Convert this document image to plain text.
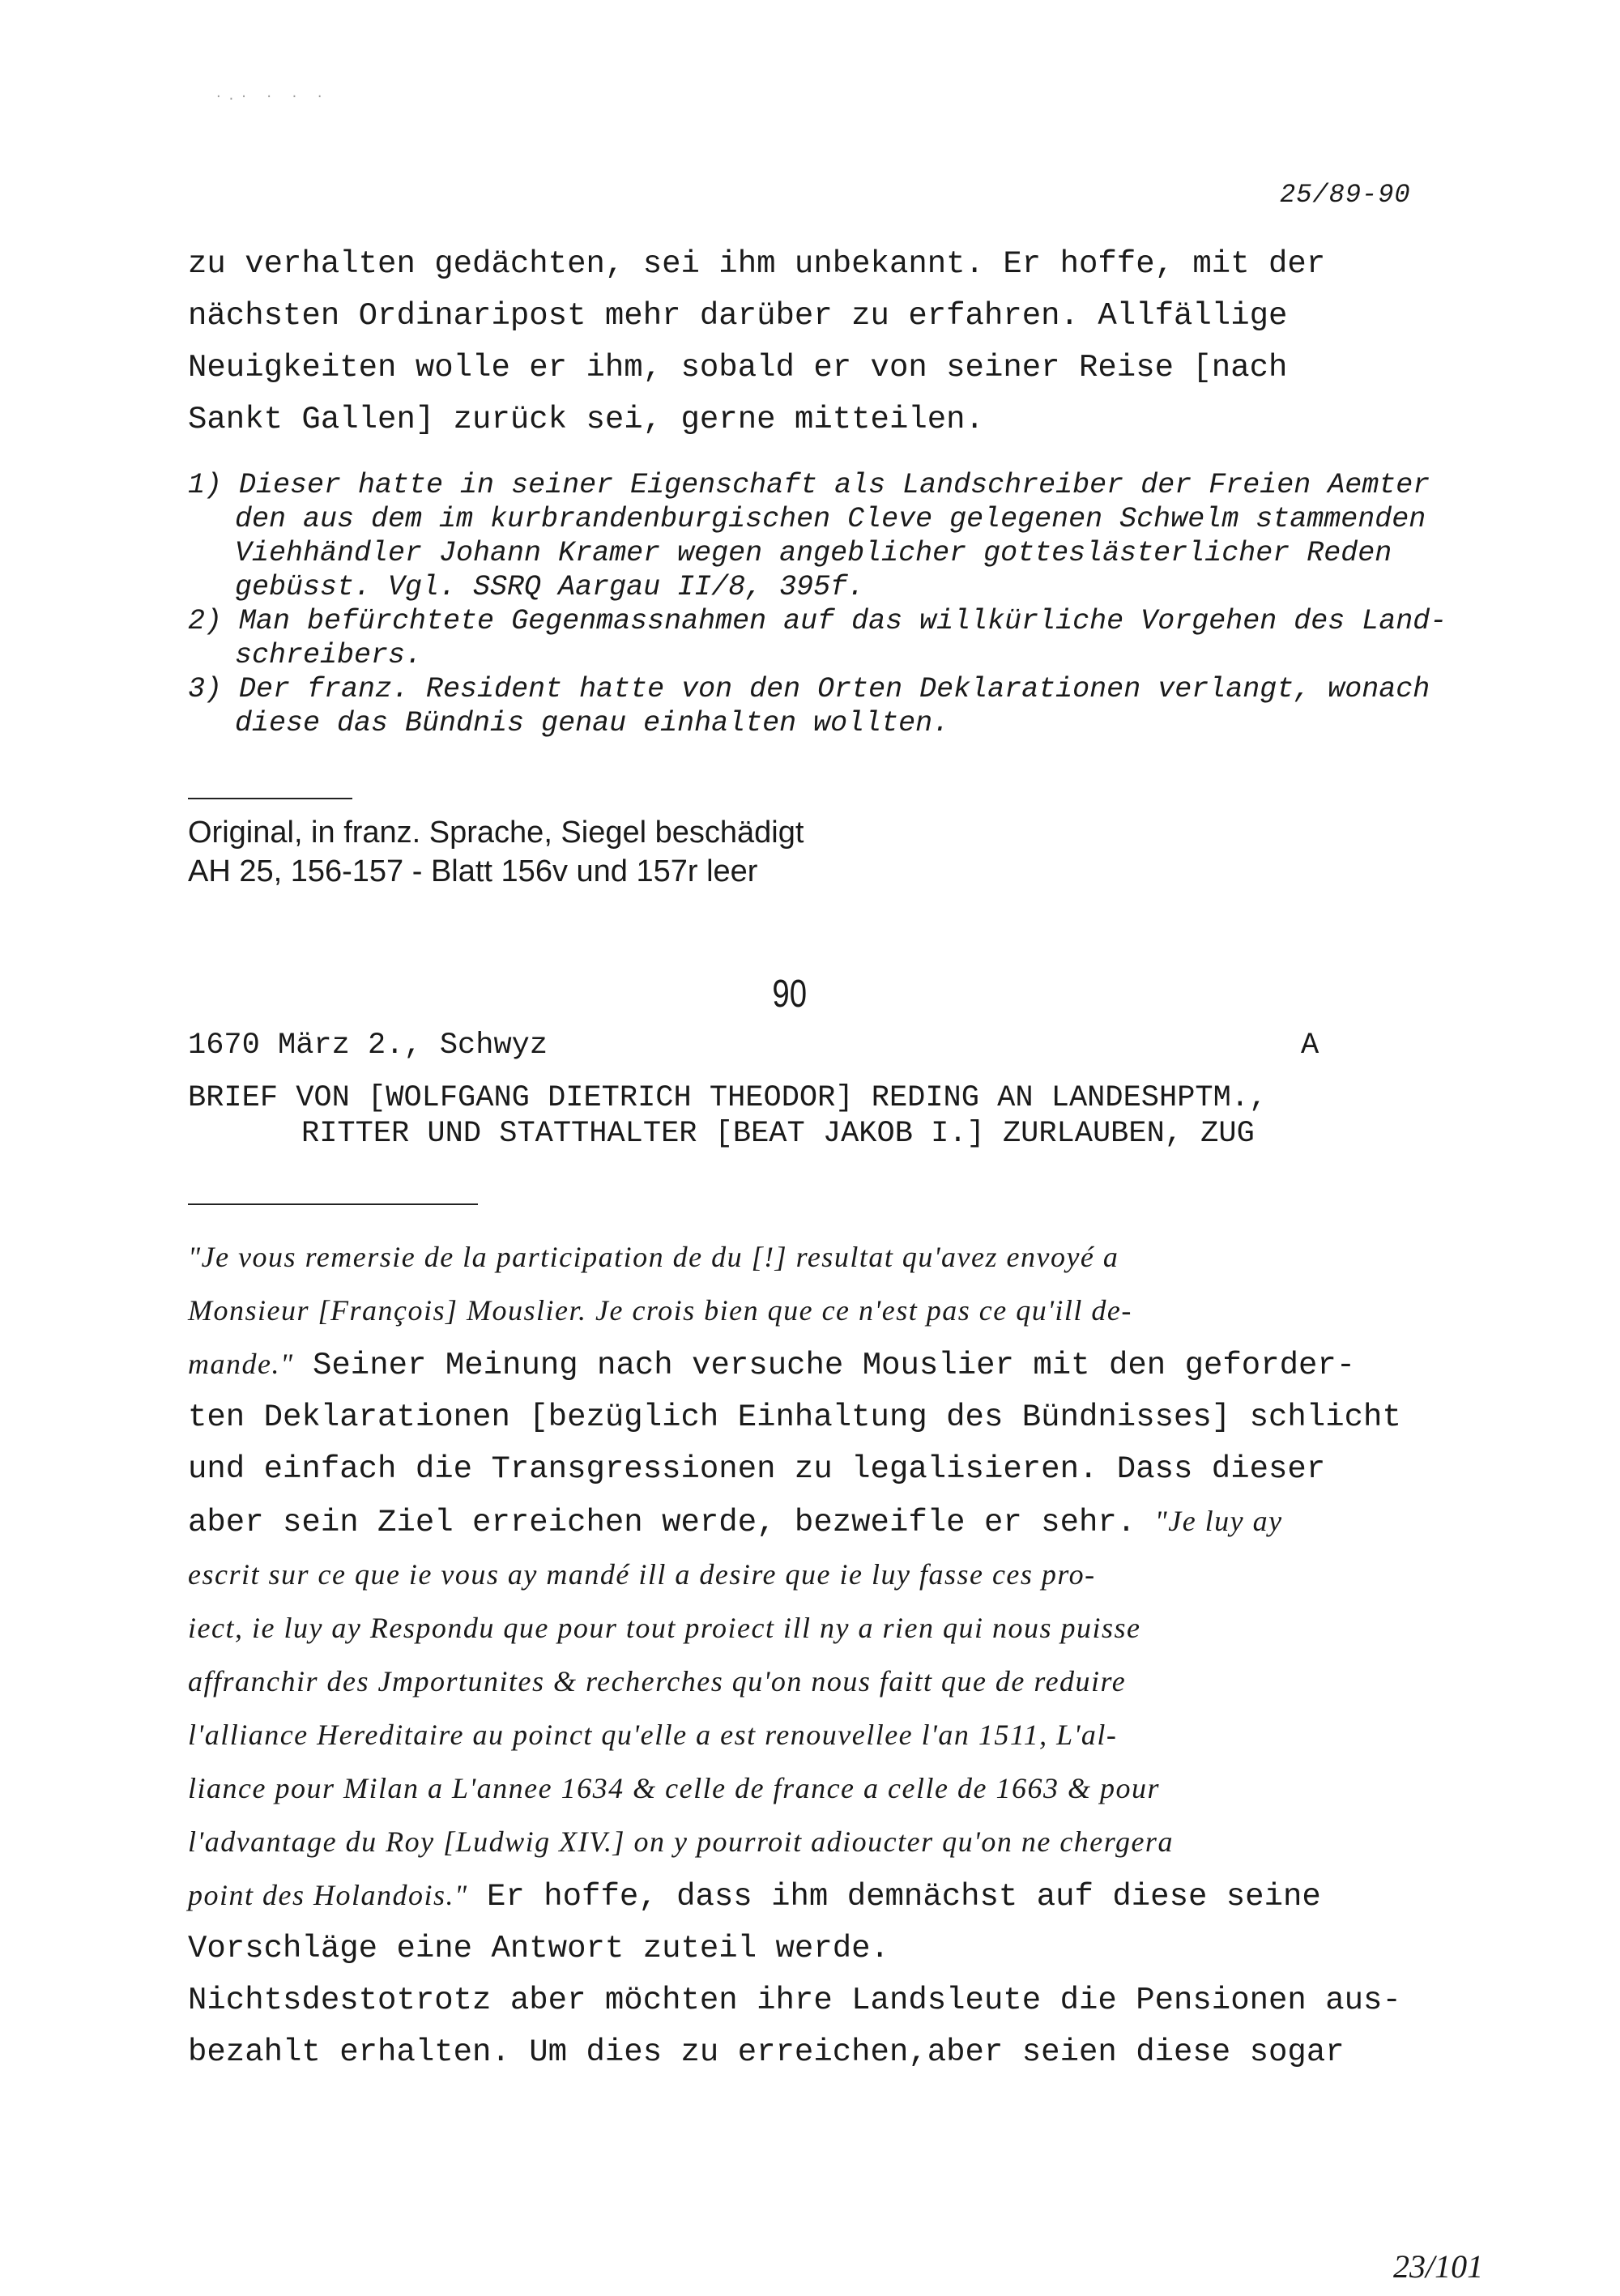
·.· · · ·
25/89-90
zu verhalten gedächten, sei ihm unbekannt. Er hoffe, mit der
nächsten Ordinaripost mehr darüber zu erfahren. Allfällige
Neuigkeiten wolle er ihm, sobald er von seiner Reise [nach
Sankt Gallen] zurück sei, gerne mitteilen.
1) Dieser hatte in seiner Eigenschaft als Landschreiber der Freien Aemter
den aus dem im kurbrandenburgischen Cleve gelegenen Schwelm stammenden
Viehhändler Johann Kramer wegen angeblicher gotteslästerlicher Reden
gebüsst. Vgl. SSRQ Aargau II/8, 395f.
2) Man befürchtete Gegenmassnahmen auf das willkürliche Vorgehen des Land-
schreibers.
3) Der franz. Resident hatte von den Orten Deklarationen verlangt, wonach
diese das Bündnis genau einhalten wollten.
Original, in franz. Sprache, Siegel beschädigt
AH 25, 156-157 - Blatt 156v und 157r leer
90
1670 März 2., Schwyz	A
BRIEF VON [WOLFGANG DIETRICH THEODOR] REDING AN LANDESHPTM.,
RITTER UND STATTHALTER [BEAT JAKOB I.] ZURLAUBEN, ZUG
"Je vous remersie de la participation de du [!] resultat qu'avez envoyé a
Monsieur [François] Mouslier. Je crois bien que ce n'est pas ce qu'ill de-
mande." Seiner Meinung nach versuche Mouslier mit den geforder-
ten Deklarationen [bezüglich Einhaltung des Bündnisses] schlicht
und einfach die Transgressionen zu legalisieren. Dass dieser
aber sein Ziel erreichen werde, bezweifle er sehr. "Je luy ay
escrit sur ce que ie vous ay mandé ill a desire que ie luy fasse ces pro-
iect, ie luy ay Respondu que pour tout proiect ill ny a rien qui nous puisse
affranchir des Jmportunites & recherches qu'on nous faitt que de reduire
l'alliance Hereditaire au poinct qu'elle a est renouvellee l'an 1511, L'al-
liance pour Milan a L'annee 1634 & celle de france a celle de 1663 & pour
l'advantage du Roy [Ludwig XIV.] on y pourroit adioucter qu'on ne chergera
point des Holandois." Er hoffe, dass ihm demnächst auf diese seine
Vorschläge eine Antwort zuteil werde.
Nichtsdestotrotz aber möchten ihre Landsleute die Pensionen aus-
bezahlt erhalten. Um dies zu erreichen,aber seien diese sogar
23/101
